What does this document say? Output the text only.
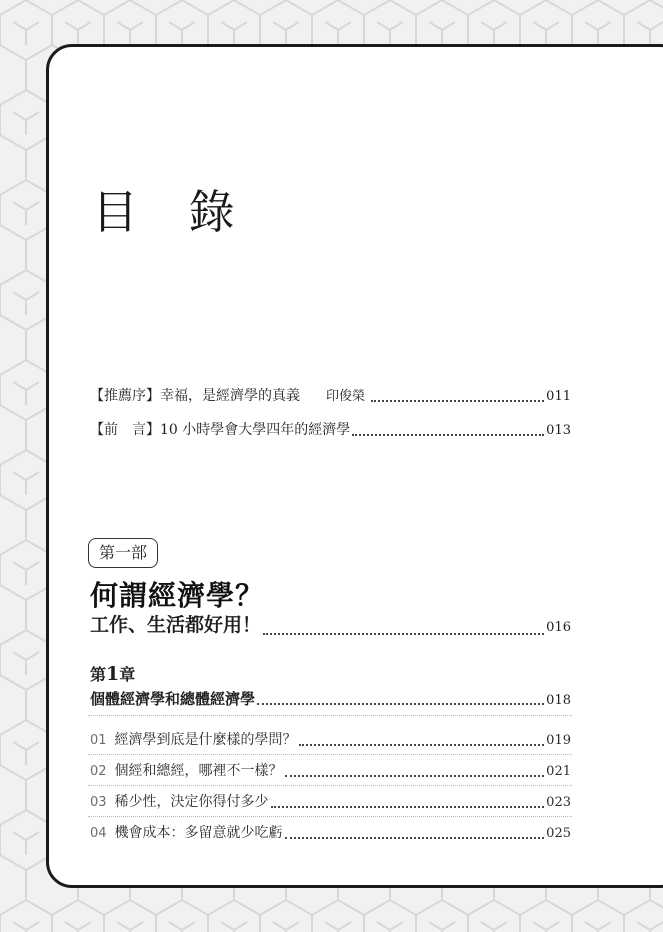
目 錄
【推薦序】 幸福，是經濟學的真義 印俊榮	011
【前　言】 10 小時學會大學四年的經濟學	013
第一部
何謂經濟學？
工作、生活都好用！	016
第1章
個體經濟學和總體經濟學	018
01 經濟學到底是什麼樣的學問？	019
02 個經和總經，哪裡不一樣？	021
03 稀少性，決定你得付多少	023
04 機會成本：多留意就少吃虧	025
